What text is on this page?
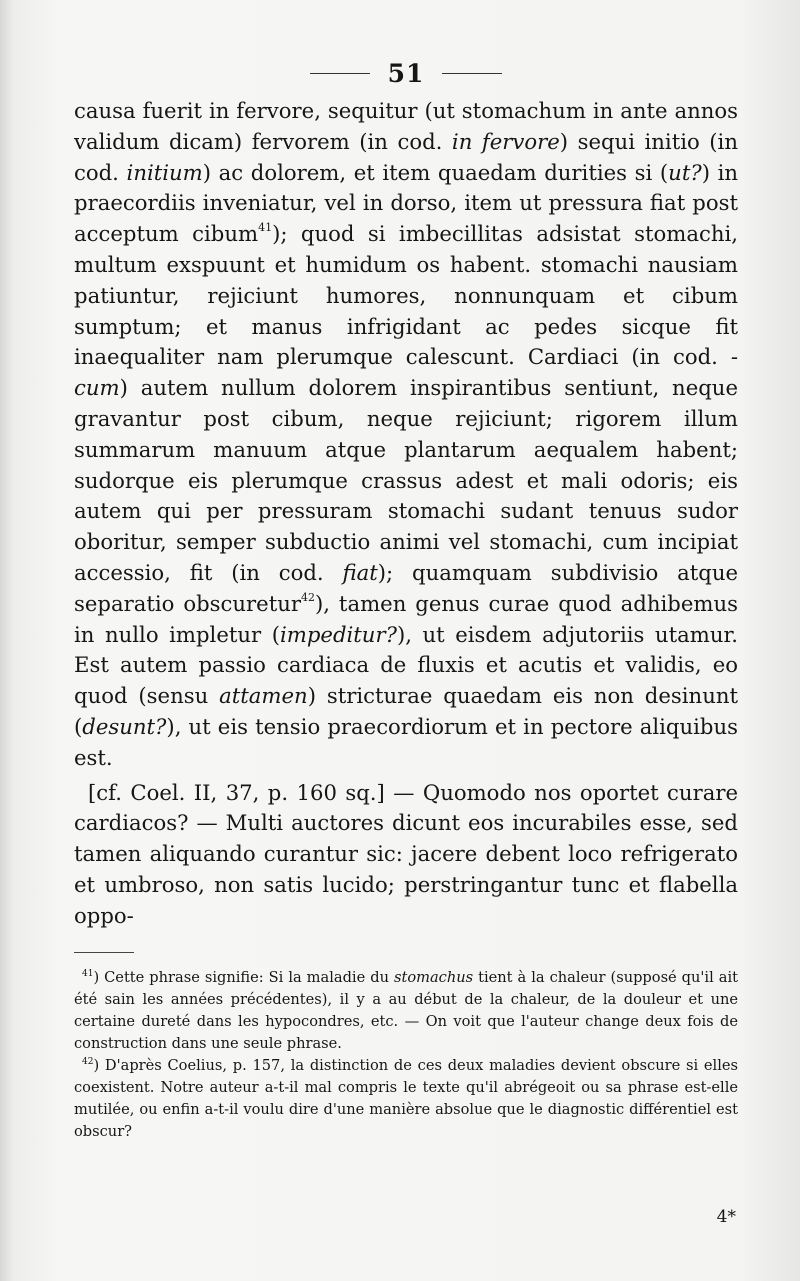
51

causa fuerit in fervore, sequitur (ut stomachum in ante annos validum dicam) fervorem (in cod. in fervore) sequi initio (in cod. initium) ac dolorem, et item quaedam durities si (ut?) in praecordiis inveniatur, vel in dorso, item ut pressura fiat post acceptum cibum$^{41}$); quod si imbecillitas adsistat stomachi, multum exspuunt et humidum os habent. stomachi nausiam patiuntur, rejiciunt humores, nonnunquam et cibum sumptum; et manus infrigidant ac pedes sicque fit inaequaliter nam plerumque calescunt. Cardiaci (in cod. -cum) autem nullum dolorem inspirantibus sentiunt, neque gravantur post cibum, neque rejiciunt; rigorem illum summarum manuum atque plantarum aequalem habent; sudorque eis plerumque crassus adest et mali odoris; eis autem qui per pressuram stomachi sudant tenuus sudor oboritur, semper subductio animi vel stomachi, cum incipiat accessio, fit (in cod. fiat); quamquam subdivisio atque separatio obscuretur$^{42}$), tamen genus curae quod adhibemus in nullo impletur (impeditur?), ut eisdem adjutoriis utamur. Est autem passio cardiaca de fluxis et acutis et validis, eo quod (sensu attamen) stricturae quaedam eis non desinunt (desunt?), ut eis tensio praecordiorum et in pectore aliquibus est.

[cf. Coel. II, 37, p. 160 sq.] — Quomodo nos oportet curare cardiacos? — Multi auctores dicunt eos incurabiles esse, sed tamen aliquando curantur sic: jacere debent loco refrigerato et umbroso, non satis lucido; perstringantur tunc et flabella oppo-

$^{41}$) Cette phrase signifie: Si la maladie du stomachus tient à la chaleur (supposé qu'il ait été sain les années précédentes), il y a au début de la chaleur, de la douleur et une certaine dureté dans les hypocondres, etc. — On voit que l'auteur change deux fois de construction dans une seule phrase.

$^{42}$) D'après Coelius, p. 157, la distinction de ces deux maladies devient obscure si elles coexistent. Notre auteur a-t-il mal compris le texte qu'il abrégeoit ou sa phrase est-elle mutilée, ou enfin a-t-il voulu dire d'une manière absolue que le diagnostic différentiel est obscur?

4*
